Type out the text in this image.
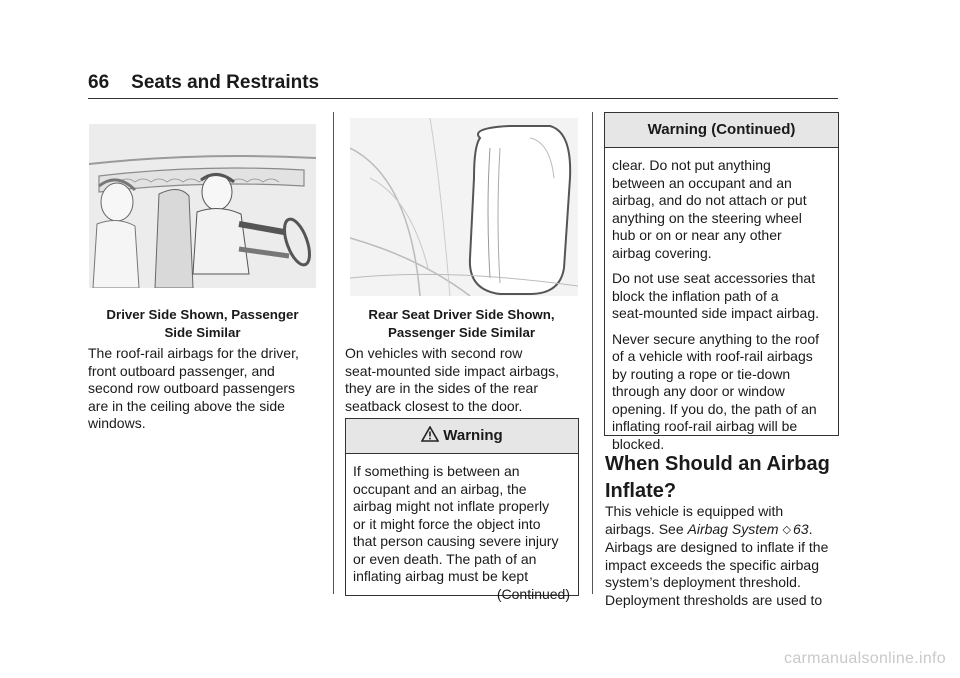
66 Seats and Restraints
Driver Side Shown, Passenger
Side Similar
The roof-rail airbags for the driver,
front outboard passenger, and
second row outboard passengers
are in the ceiling above the side
windows.
Rear Seat Driver Side Shown,
Passenger Side Similar
On vehicles with second row
seat-mounted side impact airbags,
they are in the sides of the rear
seatback closest to the door.
Warning
If something is between an
occupant and an airbag, the
airbag might not inflate properly
or it might force the object into
that person causing severe injury
or even death. The path of an
inflating airbag must be kept
(Continued)
Warning (Continued)

clear. Do not put anything
between an occupant and an
airbag, and do not attach or put
anything on the steering wheel
hub or on or near any other
airbag covering.

Do not use seat accessories that
block the inflation path of a
seat-mounted side impact airbag.

Never secure anything to the roof
of a vehicle with roof-rail airbags
by routing a rope or tie-down
through any door or window
opening. If you do, the path of an
inflating roof-rail airbag will be
blocked.

When Should an Airbag
Inflate?
This vehicle is equipped with
airbags. See Airbag System ◇ 63.
Airbags are designed to inflate if the
impact exceeds the specific airbag
system’s deployment threshold.
Deployment thresholds are used to
carmanualsonline.info
